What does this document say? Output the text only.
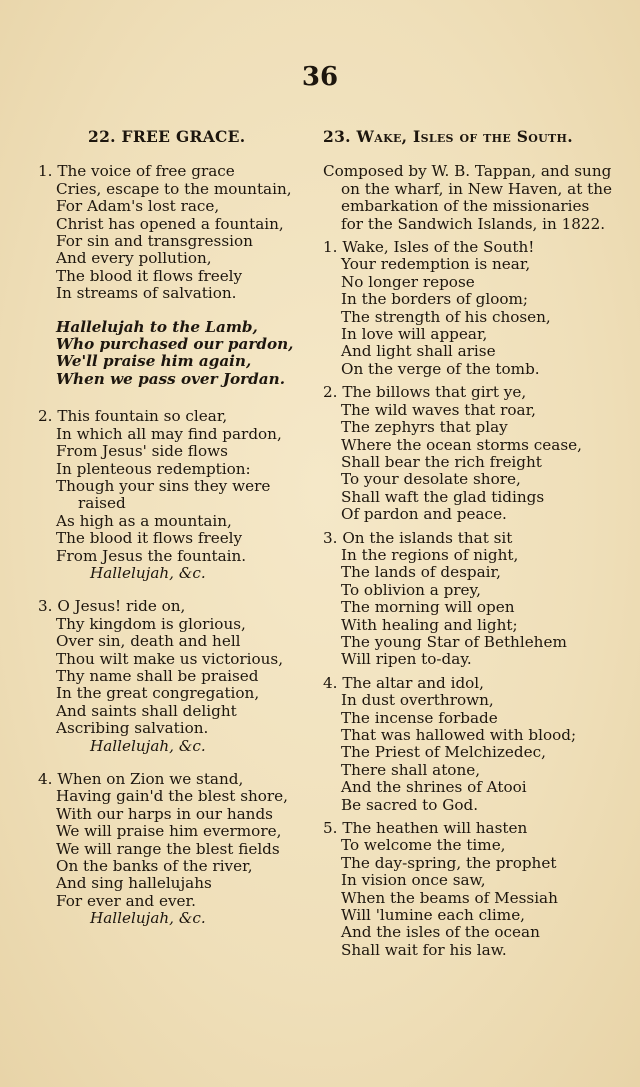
36
22. FREE GRACE.
1. The voice of free grace
Cries, escape to the mountain,
For Adam's lost race,
Christ has opened a fountain,
For sin and transgression
And every pollution,
The blood it flows freely
In streams of salvation.
Hallelujah to the Lamb,
Who purchased our pardon,
We'll praise him again,
When we pass over Jordan.
2. This fountain so clear,
In which all may find pardon,
From Jesus' side flows
In plenteous redemption:
Though your sins they were
raised
As high as a mountain,
The blood it flows freely
From Jesus the fountain.
Hallelujah, &c.
3. O Jesus! ride on,
Thy kingdom is glorious,
Over sin, death and hell
Thou wilt make us victorious,
Thy name shall be praised
In the great congregation,
And saints shall delight
Ascribing salvation.
Hallelujah, &c.
4. When on Zion we stand,
Having gain'd the blest shore,
With our harps in our hands
We will praise him evermore,
We will range the blest fields
On the banks of the river,
And sing hallelujahs
For ever and ever.
Hallelujah, &c.
23. Wake, Isles of the South.
Composed by W. B. Tappan, and sung on the wharf, in New Haven, at the embarkation of the missionaries for the Sandwich Islands, in 1822.
1. Wake, Isles of the South!
Your redemption is near,
No longer repose
In the borders of gloom;
The strength of his chosen,
In love will appear,
And light shall arise
On the verge of the tomb.
2. The billows that girt ye,
The wild waves that roar,
The zephyrs that play
Where the ocean storms cease,
Shall bear the rich freight
To your desolate shore,
Shall waft the glad tidings
Of pardon and peace.
3. On the islands that sit
In the regions of night,
The lands of despair,
To oblivion a prey,
The morning will open
With healing and light;
The young Star of Bethlehem
Will ripen to-day.
4. The altar and idol,
In dust overthrown,
The incense forbade
That was hallowed with blood;
The Priest of Melchizedec,
There shall atone,
And the shrines of Atooi
Be sacred to God.
5. The heathen will hasten
To welcome the time,
The day-spring, the prophet
In vision once saw,
When the beams of Messiah
Will 'lumine each clime,
And the isles of the ocean
Shall wait for his law.
